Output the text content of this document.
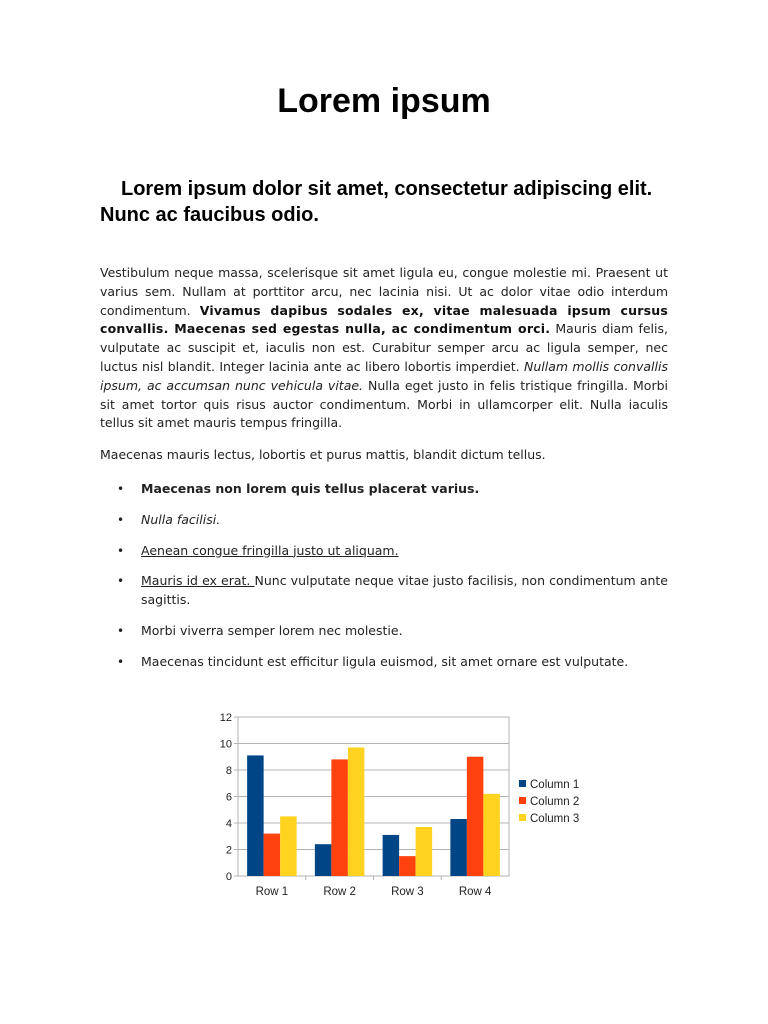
Lorem ipsum
Lorem ipsum dolor sit amet, consectetur adipiscing elit. Nunc ac faucibus odio.

Vestibulum neque massa, scelerisque sit amet ligula eu, congue molestie mi. Praesent ut varius sem. Nullam at porttitor arcu, nec lacinia nisi. Ut ac dolor vitae odio interdum condimentum. Vivamus dapibus sodales ex, vitae malesuada ipsum cursus convallis. Maecenas sed egestas nulla, ac condimentum orci. Mauris diam felis, vulputate ac suscipit et, iaculis non est. Curabitur semper arcu ac ligula semper, nec luctus nisl blandit. Integer lacinia ante ac libero lobortis imperdiet. Nullam mollis convallis ipsum, ac accumsan nunc vehicula vitae. Nulla eget justo in felis tristique fringilla. Morbi sit amet tortor quis risus auctor condimentum. Morbi in ullamcorper elit. Nulla iaculis tellus sit amet mauris tempus fringilla.

Maecenas mauris lectus, lobortis et purus mattis, blandit dictum tellus.

• Maecenas non lorem quis tellus placerat varius.
• Nulla facilisi.
• Aenean congue fringilla justo ut aliquam.
• Mauris id ex erat. Nunc vulputate neque vitae justo facilisis, non condimentum ante sagittis.
• Morbi viverra semper lorem nec molestie.
• Maecenas tincidunt est efficitur ligula euismod, sit amet ornare est vulputate.
0
2
4
6
8
10
12
Row 1	Row 2	Row 3	Row 4
Column 1
Column 2
Column 3
